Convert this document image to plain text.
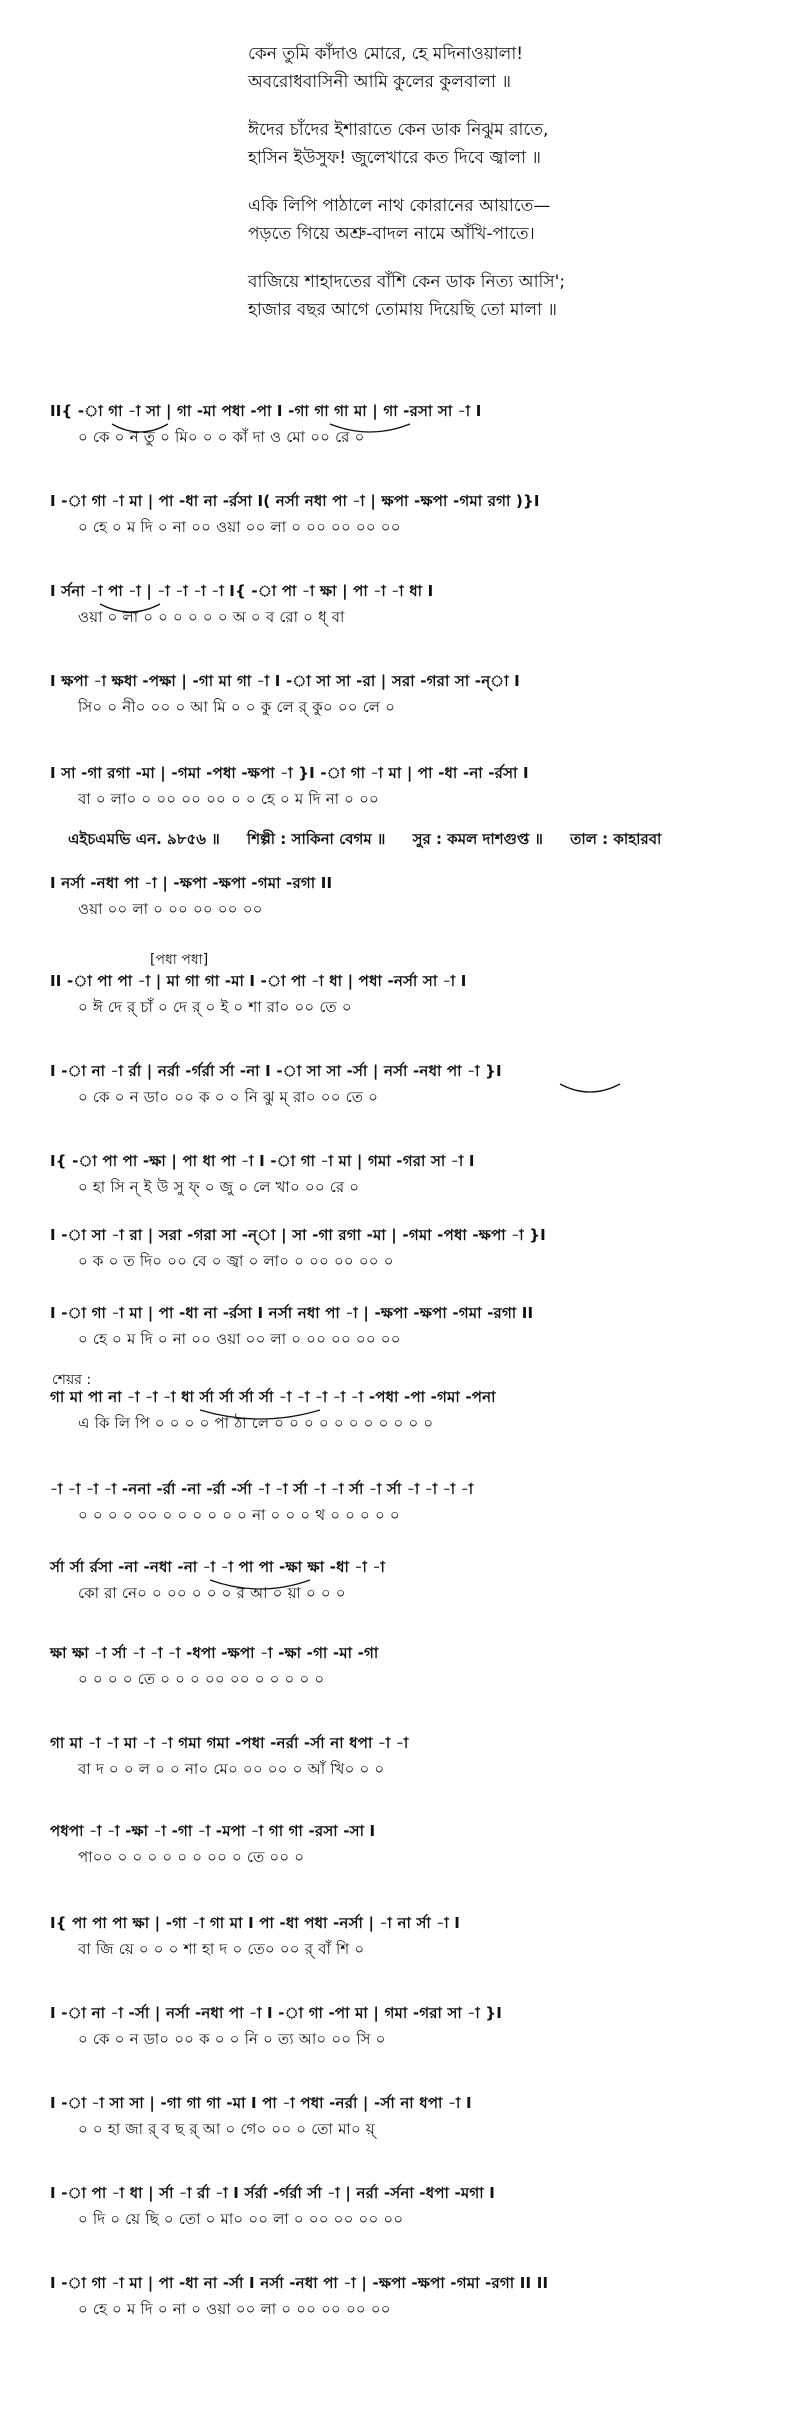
কেন তুমি কাঁদাও মোরে, হে মদিনাওয়ালা!
অবরোধবাসিনী আমি কুলের কুলবালা ॥
ঈদের চাঁদের ইশারাতে কেন ডাক নিঝুম রাতে,
হাসিন ইউসুফ! জুলেখারে কত দিবে জ্বালা ॥
একি লিপি পাঠালে নাথ কোরানের আয়াতে—
পড়তে গিয়ে অশ্রু-বাদল নামে আঁখি-পাতে।
বাজিয়ে শাহাদতের বাঁশি কেন ডাক নিত্য আসি';
হাজার বছর আগে তোমায় দিয়েছি তো মালা ॥
এইচএমভি এন. ৯৮৫৬ ॥ শিল্পী : সাকিনা বেগম ॥ সুর : কমল দাশগুপ্ত ॥ তাল : কাহারবা
[পধা পধা]
শেয়র :
II{ -া গা -া সা | গা -মা পধা -পা I -গা গা গা মা | গা -রসা সা -া I
০ কে ০ ন তু ০ মি০ ০ ০ কাঁ দা ও মো ০০ রে ০
I -া গা -া মা | পা -ধা না -র্রসা I( নর্সা নধা পা -া | ক্ষপা -ক্ষপা -গমা রগা )}I
০ হে ০ ম দি ০ না ০০ ওয়া ০০ লা ০ ০০ ০০ ০০ ০০
I র্সনা -া পা -া | -া -া -া -া I{ -া পা -া ক্ষা | পা -া -া ধা I
ওয়া ০ লা ০ ০ ০ ০ ০ ০ অ ০ ব রো ০ ধ্ বা
I ক্ষপা -া ক্ষধা -পক্ষা | -গা মা গা -া I -া সা সা -রা | সরা -গরা সা -ন্া I
সি০ ০ নী০ ০০ ০ আ মি ০ ০ কু লে র্ কু০ ০০ লে ০
I সা -গা রগা -মা | -গমা -পধা -ক্ষপা -া }I -া গা -া মা | পা -ধা -না -র্রসা I
বা ০ লা০ ০ ০০ ০০ ০০ ০ ০ হে ০ ম দি না ০ ০০
I নর্সা -নধা পা -া | -ক্ষপা -ক্ষপা -গমা -রগা II
ওয়া ০০ লা ০ ০০ ০০ ০০ ০০
II -া পা পা -া | মা গা গা -মা I -া পা -া ধা | পধা -নর্সা সা -া I
০ ঈ দে র্ চাঁ ০ দে র্ ০ ই ০ শা রা০ ০০ তে ০
I -া না -া র্রা | নর্রা -র্গর্রা র্সা -না I -া সা সা -র্সা | নর্সা -নধা পা -া }I
০ কে ০ ন ডা০ ০০ ক ০ ০ নি ঝু ম্ রা০ ০০ তে ০
I{ -া পা পা -ক্ষা | পা ধা পা -া I -া গা -া মা | গমা -গরা সা -া I
০ হা সি ন্ ই উ সু ফ্ ০ জু ০ লে খা০ ০০ রে ০
I -া সা -া রা | সরা -গরা সা -ন্া | সা -গা রগা -মা | -গমা -পধা -ক্ষপা -া }I
০ ক ০ ত দি০ ০০ বে ০ জ্বা ০ লা০ ০ ০০ ০০ ০০ ০
I -া গা -া মা | পা -ধা না -র্রসা I নর্সা নধা পা -া | -ক্ষপা -ক্ষপা -গমা -রগা II
০ হে ০ ম দি ০ না ০০ ওয়া ০০ লা ০ ০০ ০০ ০০ ০০
গা মা পা না -া -া -া ধা র্সা র্সা র্সা র্সা -া -া -া -া -া -পধা -পা -গমা -পনা
এ কি লি পি ০ ০ ০ ০ পা ঠা লে ০ ০ ০ ০ ০ ০ ০ ০ ০ ০ ০
-া -া -া -া -ননা -র্রা -না -র্রা -র্সা -া -া র্সা -া -া র্সা -া র্সা -া -া -া -া
০ ০ ০ ০ ০০ ০ ০ ০ ০ ০ ০ না ০ ০ ০ থ ০ ০ ০ ০ ০
র্সা র্সা র্রসা -না -নধা -না -া -া পা পা -ক্ষা ক্ষা -ধা -া -া
কো রা নে০ ০ ০০ ০ ০ ০ র আ ০ য়া ০ ০ ০
ক্ষা ক্ষা -া র্সা -া -া -া -ধপা -ক্ষপা -া -ক্ষা -গা -মা -গা
০ ০ ০ ০ তে ০ ০ ০ ০০ ০০ ০ ০ ০ ০ ০
গা মা -া -া মা -া -া গমা গমা -পধা -নর্রা -র্সা না ধপা -া -া
বা দ ০ ০ ল ০ ০ না০ মে০ ০০ ০০ ০ আঁ খি০ ০ ০
পধপা -া -া -ক্ষা -া -গা -া -মপা -া গা গা -রসা -সা I
পা০০ ০ ০ ০ ০ ০ ০ ০০ ০ তে ০০ ০
I{ পা পা পা ক্ষা | -গা -া গা মা I পা -ধা পধা -নর্সা | -া না র্সা -া I
বা জি য়ে ০ ০ ০ শা হা দ ০ তে০ ০০ র্ বাঁ শি ০
I -া না -া -র্সা | নর্সা -নধা পা -া I -া গা -পা মা | গমা -গরা সা -া }I
০ কে ০ ন ডা০ ০০ ক ০ ০ নি ০ ত্য আ০ ০০ সি ০
I -া -া সা সা | -গা গা গা -মা I পা -া পধা -নর্রা | -র্সা না ধপা -া I
০ ০ হা জা র্ ব ছ র্ আ ০ গে০ ০০ ০ তো মা০ য়্
I -া পা -া ধা | র্সা -া র্রা -া I র্সর্রা -র্গর্রা র্সা -া | নর্রা -র্সনা -ধপা -মগা I
০ দি ০ য়ে ছি ০ তো ০ মা০ ০০ লা ০ ০০ ০০ ০০ ০০
I -া গা -া মা | পা -ধা না -র্সা I নর্সা -নধা পা -া | -ক্ষপা -ক্ষপা -গমা -রগা II II
০ হে ০ ম দি ০ না ০ ওয়া ০০ লা ০ ০০ ০০ ০০ ০০
